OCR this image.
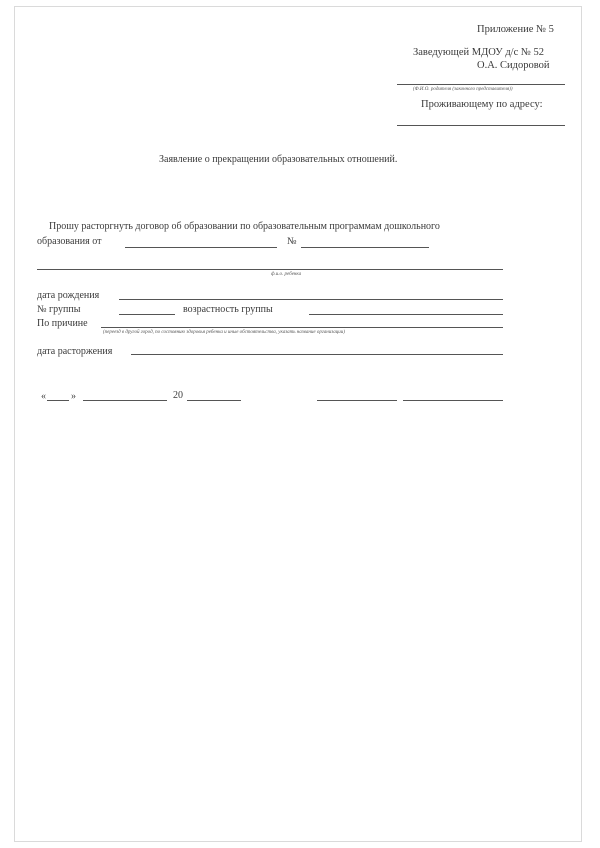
Приложение № 5
Заведующей МДОУ д/с № 52
О.А. Сидоровой
(Ф.И.О. родителя (законного представителя))
Проживающему по адресу:
Заявление о прекращении образовательных отношений.
Прошу расторгнуть договор об образовании по образовательным программам дошкольного
образования от	№
ф.и.о. ребенка
дата рождения
№ группы	возрастность группы
По причине
(переезд в другой город, по состоянию здоровья ребенка и иные обстоятельства, указать название организации)
дата расторжения
«	»	20
